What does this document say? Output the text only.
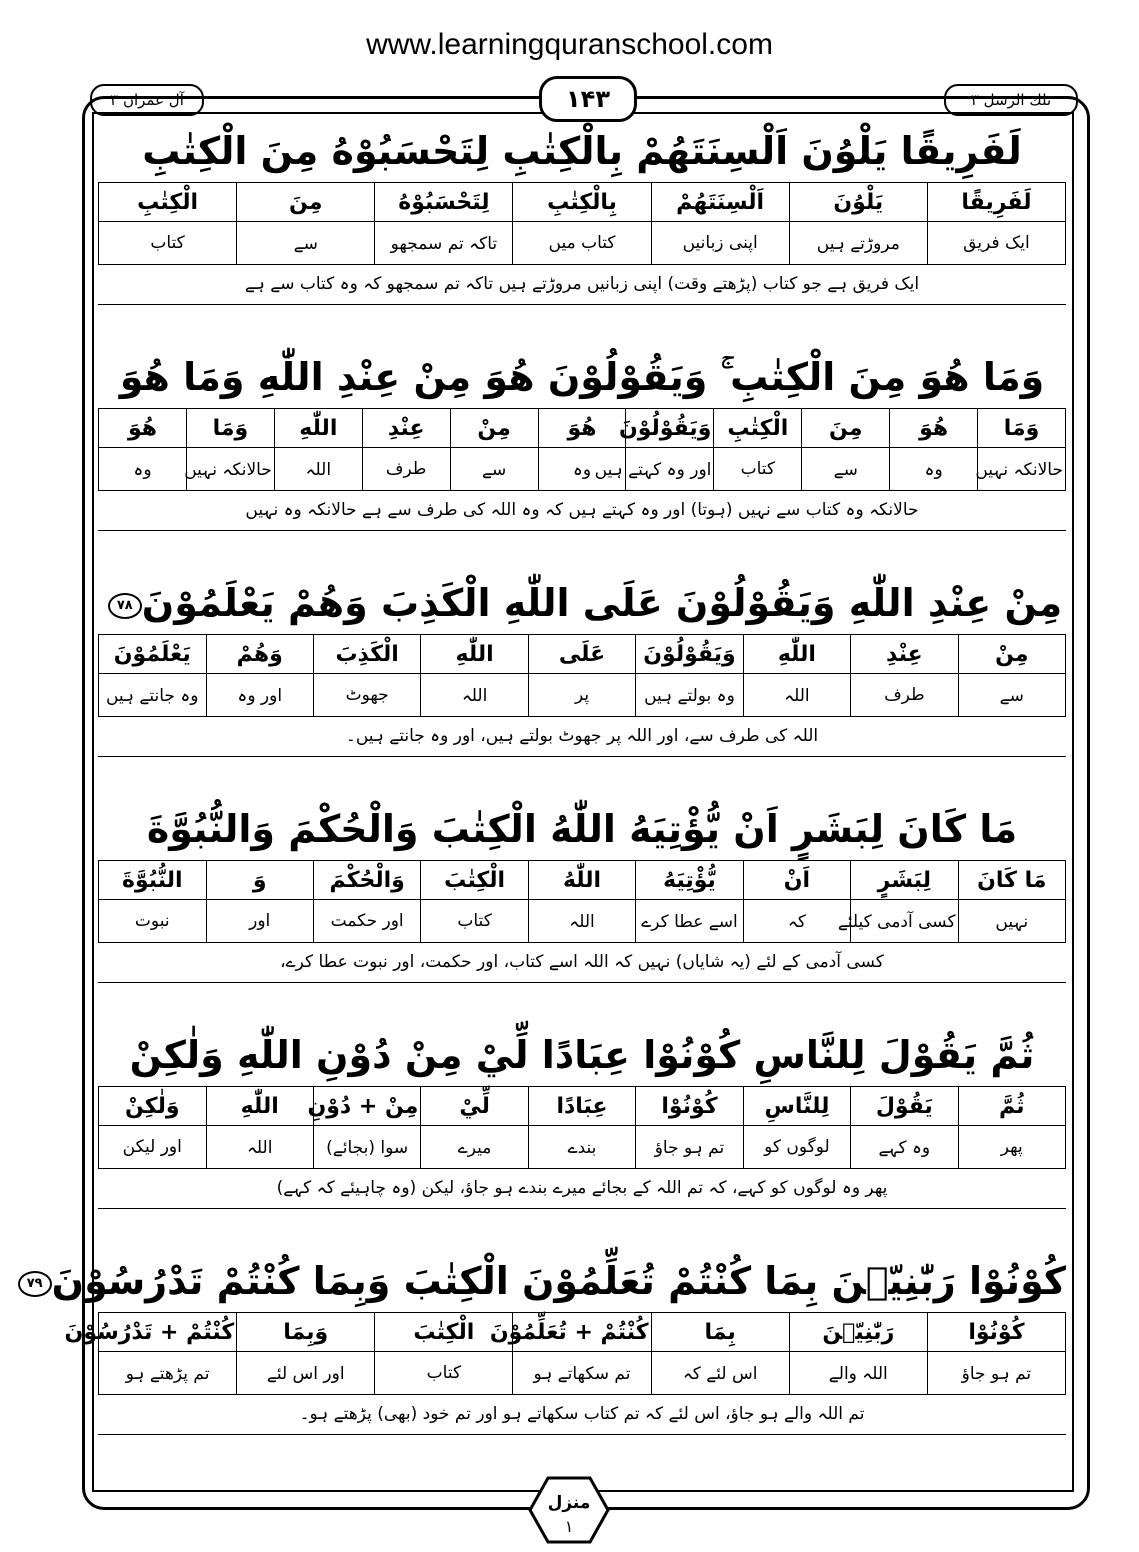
www.learningquranschool.com
آل عمران ۳	۱۴۳	تلك الرسل ۳
لَفَرِيقًا يَلْوُنَ اَلْسِنَتَهُمْ بِالْكِتٰبِ لِتَحْسَبُوْهُ مِنَ الْكِتٰبِ
لَفَرِيقًا	يَلْوُنَ	اَلْسِنَتَهُمْ	بِالْكِتٰبِ	لِتَحْسَبُوْهُ	مِنَ	الْكِتٰبِ
ایک فریق	مروڑتے ہیں	اپنی زبانیں	کتاب میں	تاکہ تم سمجھو	سے	کتاب
ایک فریق ہے جو کتاب (پڑھتے وقت) اپنی زبانیں مروڑتے ہیں تاکہ تم سمجھو کہ وہ کتاب سے ہے
وَمَا هُوَ مِنَ الْكِتٰبِ ۚ وَيَقُوْلُوْنَ هُوَ مِنْ عِنْدِ اللّٰهِ وَمَا هُوَ
وَمَا	هُوَ	مِنَ	الْكِتٰبِ	وَيَقُوْلُوْنَ	هُوَ	مِنْ	عِنْدِ	اللّٰهِ	وَمَا	هُوَ
حالانکہ نہیں	وہ	سے	کتاب	اور وہ کہتے ہیں	وہ	سے	طرف	اللہ	حالانکہ نہیں	وہ
حالانکہ وہ کتاب سے نہیں (ہوتا) اور وہ کہتے ہیں کہ وہ اللہ کی طرف سے ہے حالانکہ وہ نہیں
مِنْ عِنْدِ اللّٰهِ وَيَقُوْلُوْنَ عَلَى اللّٰهِ الْكَذِبَ وَهُمْ يَعْلَمُوْنَ۷۸
مِنْ	عِنْدِ	اللّٰهِ	وَيَقُوْلُوْنَ	عَلَى	اللّٰهِ	الْكَذِبَ	وَهُمْ	يَعْلَمُوْنَ
سے	طرف	اللہ	وہ بولتے ہیں	پر	اللہ	جھوٹ	اور وہ	وہ جانتے ہیں
اللہ کی طرف سے، اور اللہ پر جھوٹ بولتے ہیں، اور وہ جانتے ہیں۔
مَا كَانَ لِبَشَرٍ اَنْ يُّؤْتِيَهُ اللّٰهُ الْكِتٰبَ وَالْحُكْمَ وَالنُّبُوَّةَ
مَا كَانَ	لِبَشَرٍ	اَنْ	يُّؤْتِيَهُ	اللّٰهُ	الْكِتٰبَ	وَالْحُكْمَ	وَ	النُّبُوَّةَ
نہیں	کسی آدمی کیلئے	کہ	اسے عطا کرے	اللہ	کتاب	اور حکمت	اور	نبوت
کسی آدمی کے لئے (یہ شایاں) نہیں کہ اللہ اسے کتاب، اور حکمت، اور نبوت عطا کرے،
ثُمَّ يَقُوْلَ لِلنَّاسِ كُوْنُوْا عِبَادًا لِّيْ مِنْ دُوْنِ اللّٰهِ وَلٰكِنْ
ثُمَّ	يَقُوْلَ	لِلنَّاسِ	كُوْنُوْا	عِبَادًا	لِّيْ	مِنْ + دُوْنِ	اللّٰهِ	وَلٰكِنْ
پھر	وہ کہے	لوگوں کو	تم ہو جاؤ	بندے	میرے	سوا (بجائے)	اللہ	اور لیکن
پھر وہ لوگوں کو کہے، کہ تم اللہ کے بجائے میرے بندے ہو جاؤ، لیکن (وہ چاہیئے کہ کہے)
كُوْنُوْا رَبّٰنِيّٖنَ بِمَا كُنْتُمْ تُعَلِّمُوْنَ الْكِتٰبَ وَبِمَا كُنْتُمْ تَدْرُسُوْنَ۷۹
كُوْنُوْا	رَبّٰنِيّٖنَ	بِمَا	كُنْتُمْ + تُعَلِّمُوْنَ	الْكِتٰبَ	وَبِمَا	كُنْتُمْ + تَدْرُسُوْنَ
تم ہو جاؤ	اللہ والے	اس لئے کہ	تم سکھاتے ہو	کتاب	اور اس لئے	تم پڑھتے ہو
تم اللہ والے ہو جاؤ، اس لئے کہ تم کتاب سکھاتے ہو اور تم خود (بھی) پڑھتے ہو۔
منزل
۱
